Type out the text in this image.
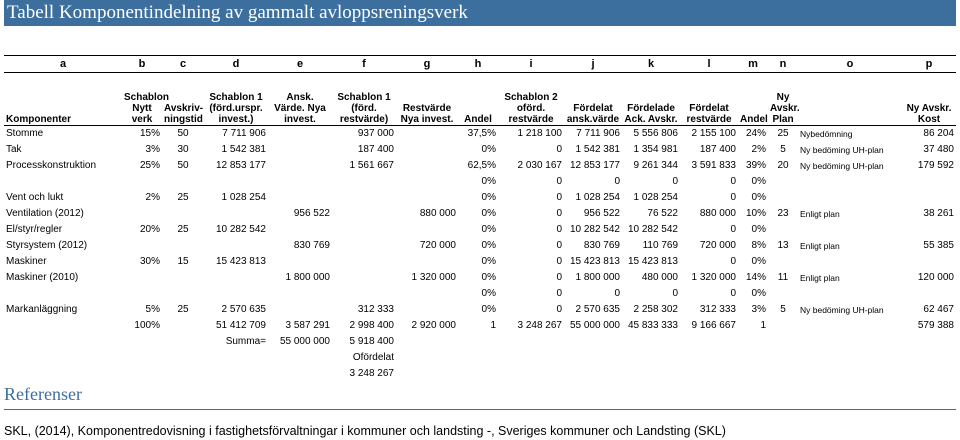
Tabell Komponentindelning av gammalt avloppsreningsverk
a	b	c	d	e	f	g	h	i	j	k	l	m	n	o	p
Komponenter	Schablon Nytt verk	Avskriv-ningstid	Schablon 1 (förd.urspr. invest.)	Ansk. Värde. Nya invest.	Schablon 1 (förd. restvärde)	Restvärde Nya invest.	Andel	Schablon 2 oförd. restvärde	Fördelat ansk.värde	Fördelade Ack. Avskr.	Fördelat restvärde	Andel	Ny Avskr. Plan		Ny Avskr. Kost
Stomme	15%	50	7 711 906		937 000		37,5%	1 218 100	7 711 906	5 556 806	2 155 100	24%	25	Nybedömning	86 204
Tak	3%	30	1 542 381		187 400		0%	0	1 542 381	1 354 981	187 400	2%	5	Ny bedöming UH-plan	37 480
Processkonstruktion	25%	50	12 853 177		1 561 667		62,5%	2 030 167	12 853 177	9 261 344	3 591 833	39%	20	Ny bedöming UH-plan	179 592
							0%	0	0	0	0	0%			
Vent och lukt	2%	25	1 028 254				0%	0	1 028 254	1 028 254	0	0%			
Ventilation (2012)				956 522		880 000	0%	0	956 522	76 522	880 000	10%	23	Enligt plan	38 261
El/styr/regler	20%	25	10 282 542				0%	0	10 282 542	10 282 542	0	0%			
Styrsystem (2012)				830 769		720 000	0%	0	830 769	110 769	720 000	8%	13	Enligt plan	55 385
Maskiner	30%	15	15 423 813				0%	0	15 423 813	15 423 813	0	0%			
Maskiner (2010)				1 800 000		1 320 000	0%	0	1 800 000	480 000	1 320 000	14%	11	Enligt plan	120 000
							0%	0	0	0	0	0%			
Markanläggning	5%	25	2 570 635		312 333		0%	0	2 570 635	2 258 302	312 333	3%	5	Ny bedöming UH-plan	62 467
	100%		51 412 709	3 587 291	2 998 400	2 920 000	1	3 248 267	55 000 000	45 833 333	9 166 667	1			579 388
			Summa=	55 000 000	5 918 400										
					Ofördelat										
					3 248 267										
Referenser
SKL, (2014), Komponentredovisning i fastighetsförvaltningar i kommuner och landsting -, Sveriges kommuner och Landsting (SKL)
